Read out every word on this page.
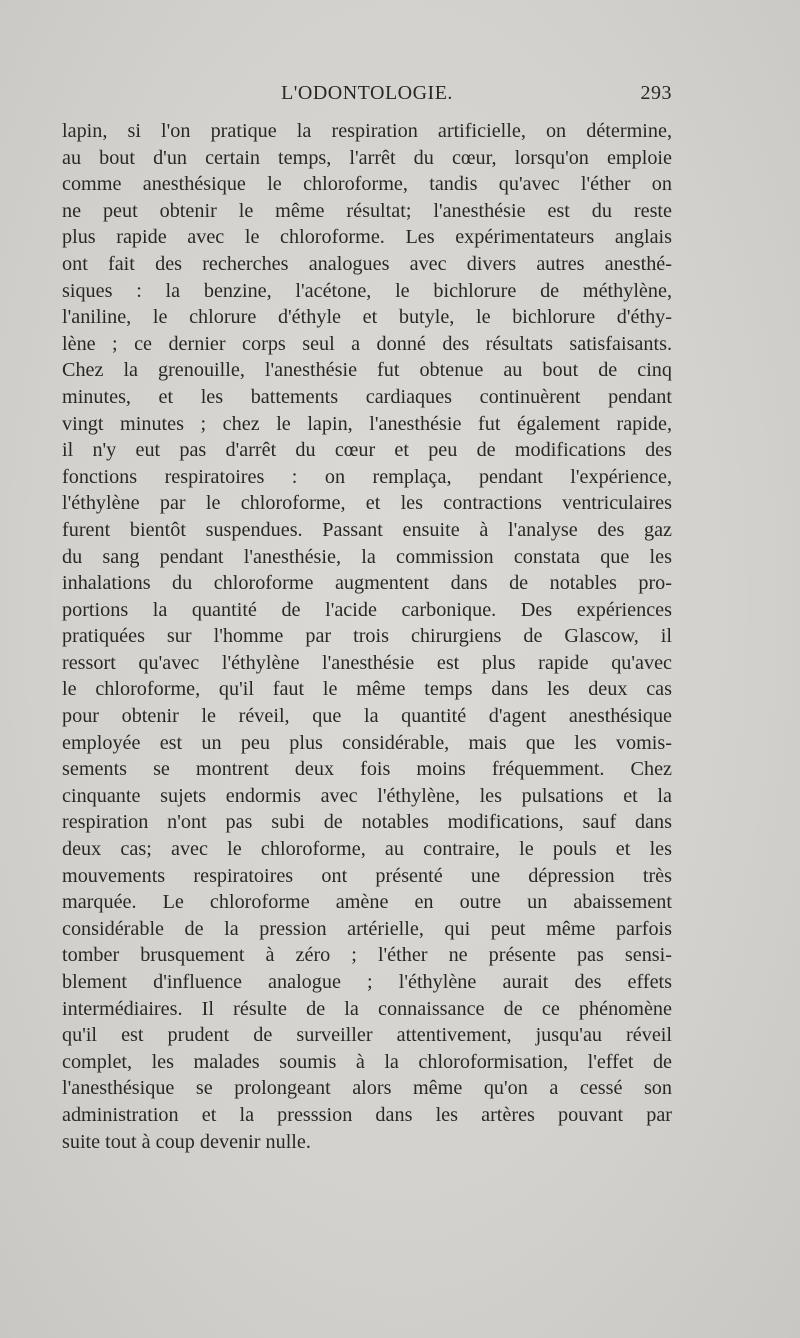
L'ODONTOLOGIE.	293
lapin, si l'on pratique la respiration artificielle, on détermine,
au bout d'un certain temps, l'arrêt du cœur, lorsqu'on emploie
comme anesthésique le chloroforme, tandis qu'avec l'éther on
ne peut obtenir le même résultat; l'anesthésie est du reste
plus rapide avec le chloroforme. Les expérimentateurs anglais
ont fait des recherches analogues avec divers autres anesthé-
siques : la benzine, l'acétone, le bichlorure de méthylène,
l'aniline, le chlorure d'éthyle et butyle, le bichlorure d'éthy-
lène ; ce dernier corps seul a donné des résultats satisfaisants.
Chez la grenouille, l'anesthésie fut obtenue au bout de cinq
minutes, et les battements cardiaques continuèrent pendant
vingt minutes ; chez le lapin, l'anesthésie fut également rapide,
il n'y eut pas d'arrêt du cœur et peu de modifications des
fonctions respiratoires : on remplaça, pendant l'expérience,
l'éthylène par le chloroforme, et les contractions ventriculaires
furent bientôt suspendues. Passant ensuite à l'analyse des gaz
du sang pendant l'anesthésie, la commission constata que les
inhalations du chloroforme augmentent dans de notables pro-
portions la quantité de l'acide carbonique. Des expériences
pratiquées sur l'homme par trois chirurgiens de Glascow, il
ressort qu'avec l'éthylène l'anesthésie est plus rapide qu'avec
le chloroforme, qu'il faut le même temps dans les deux cas
pour obtenir le réveil, que la quantité d'agent anesthésique
employée est un peu plus considérable, mais que les vomis-
sements se montrent deux fois moins fréquemment. Chez
cinquante sujets endormis avec l'éthylène, les pulsations et la
respiration n'ont pas subi de notables modifications, sauf dans
deux cas; avec le chloroforme, au contraire, le pouls et les
mouvements respiratoires ont présenté une dépression très
marquée. Le chloroforme amène en outre un abaissement
considérable de la pression artérielle, qui peut même parfois
tomber brusquement à zéro ; l'éther ne présente pas sensi-
blement d'influence analogue ; l'éthylène aurait des effets
intermédiaires. Il résulte de la connaissance de ce phénomène
qu'il est prudent de surveiller attentivement, jusqu'au réveil
complet, les malades soumis à la chloroformisation, l'effet de
l'anesthésique se prolongeant alors même qu'on a cessé son
administration et la presssion dans les artères pouvant par
suite tout à coup devenir nulle.
